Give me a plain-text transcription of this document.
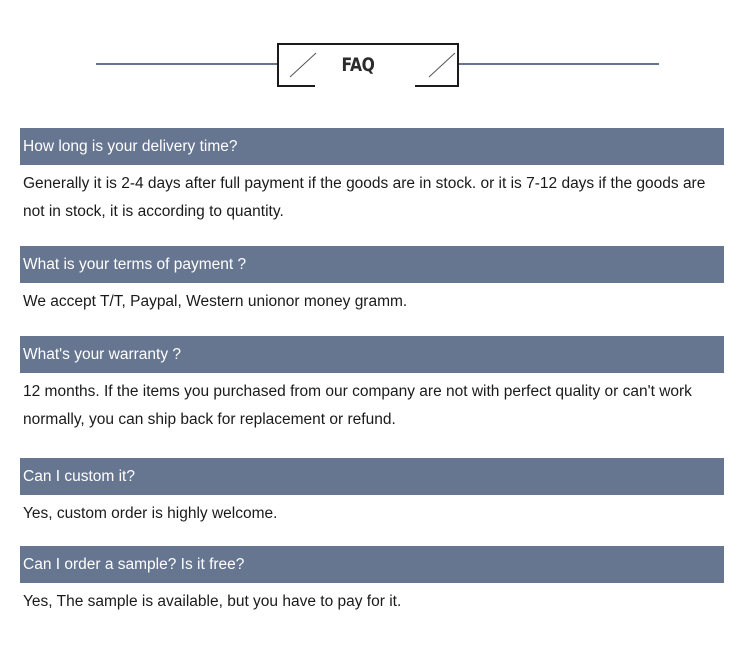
FAQ
How long is your delivery time?

Generally it is 2-4 days after full payment if the goods are in stock. or it is 7-12 days if the goods are not in stock, it is according to quantity.

What is your terms of payment ?

We accept T/T, Paypal, Western unionor money gramm.

What's your warranty ?

12 months. If the items you purchased from our company are not with perfect quality or can't work normally, you can ship back for replacement or refund.

Can I custom it?

Yes, custom order is highly welcome.

Can I order a sample? Is it free?

Yes, The sample is available, but you have to pay for it.
